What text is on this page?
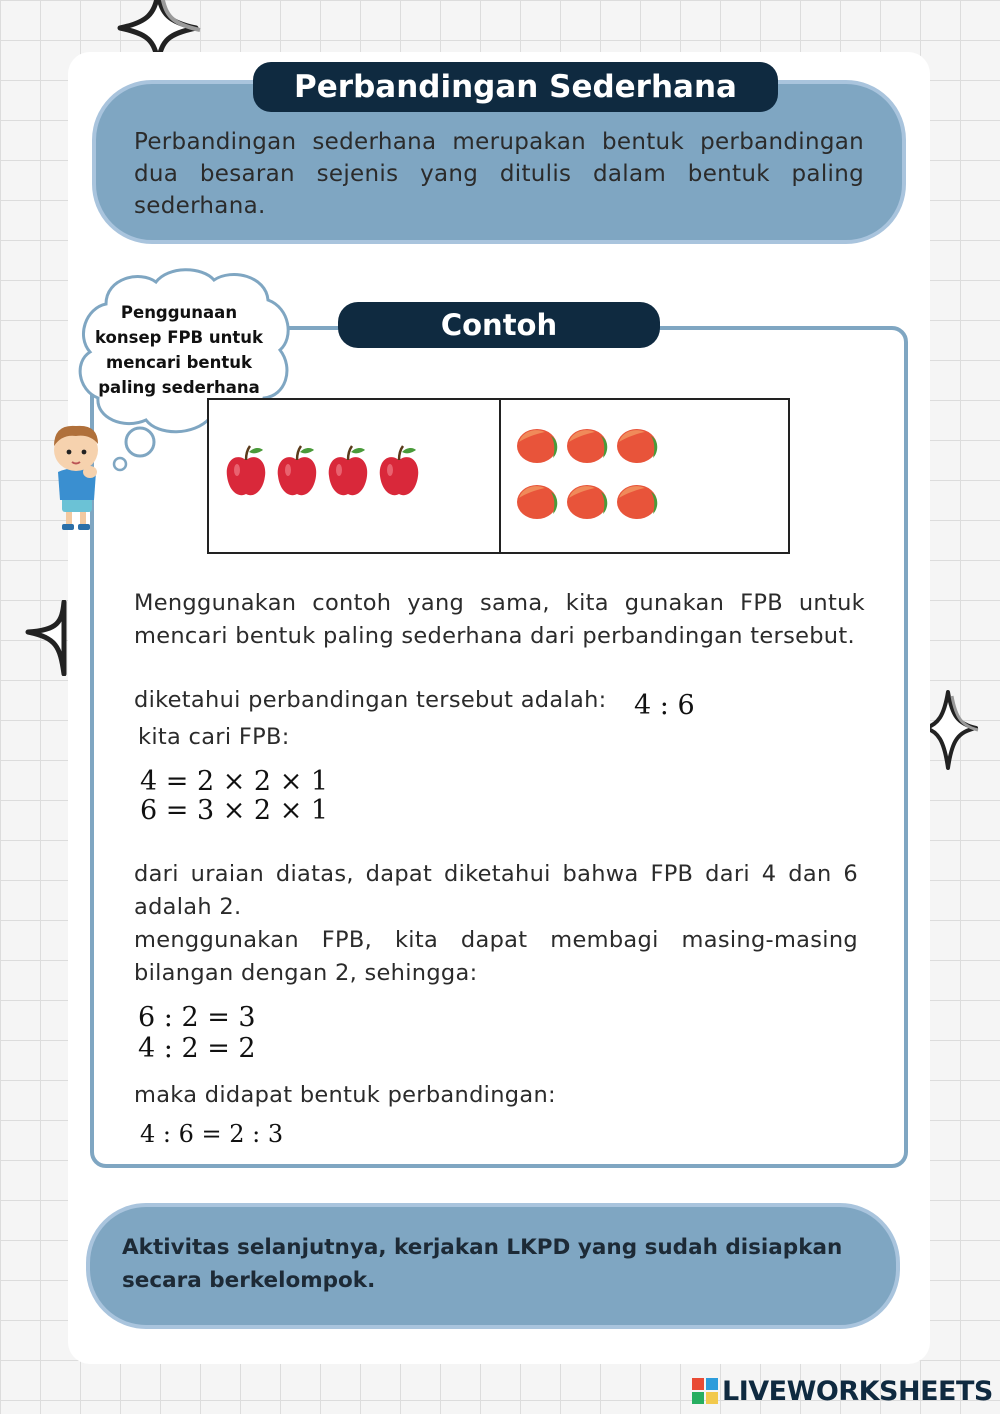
Perbandingan Sederhana

Perbandingan sederhana merupakan bentuk perbandingan dua besaran sejenis yang ditulis dalam bentuk paling sederhana.

Contoh

Penggunaan konsep FPB untuk mencari bentuk paling sederhana

Menggunakan contoh yang sama, kita gunakan FPB untuk mencari bentuk paling sederhana dari perbandingan tersebut.

diketahui perbandingan tersebut adalah: 4 : 6

kita cari FPB:

4 = 2 × 2 × 1
6 = 3 × 2 × 1

dari uraian diatas, dapat diketahui bahwa FPB dari 4 dan 6 adalah 2.

menggunakan FPB, kita dapat membagi masing-masing bilangan dengan 2, sehingga:

6 : 2 = 3
4 : 2 = 2

maka didapat bentuk perbandingan:

4 : 6 = 2 : 3

Aktivitas selanjutnya, kerjakan LKPD yang sudah disiapkan secara berkelompok.

LIVEWORKSHEETS
